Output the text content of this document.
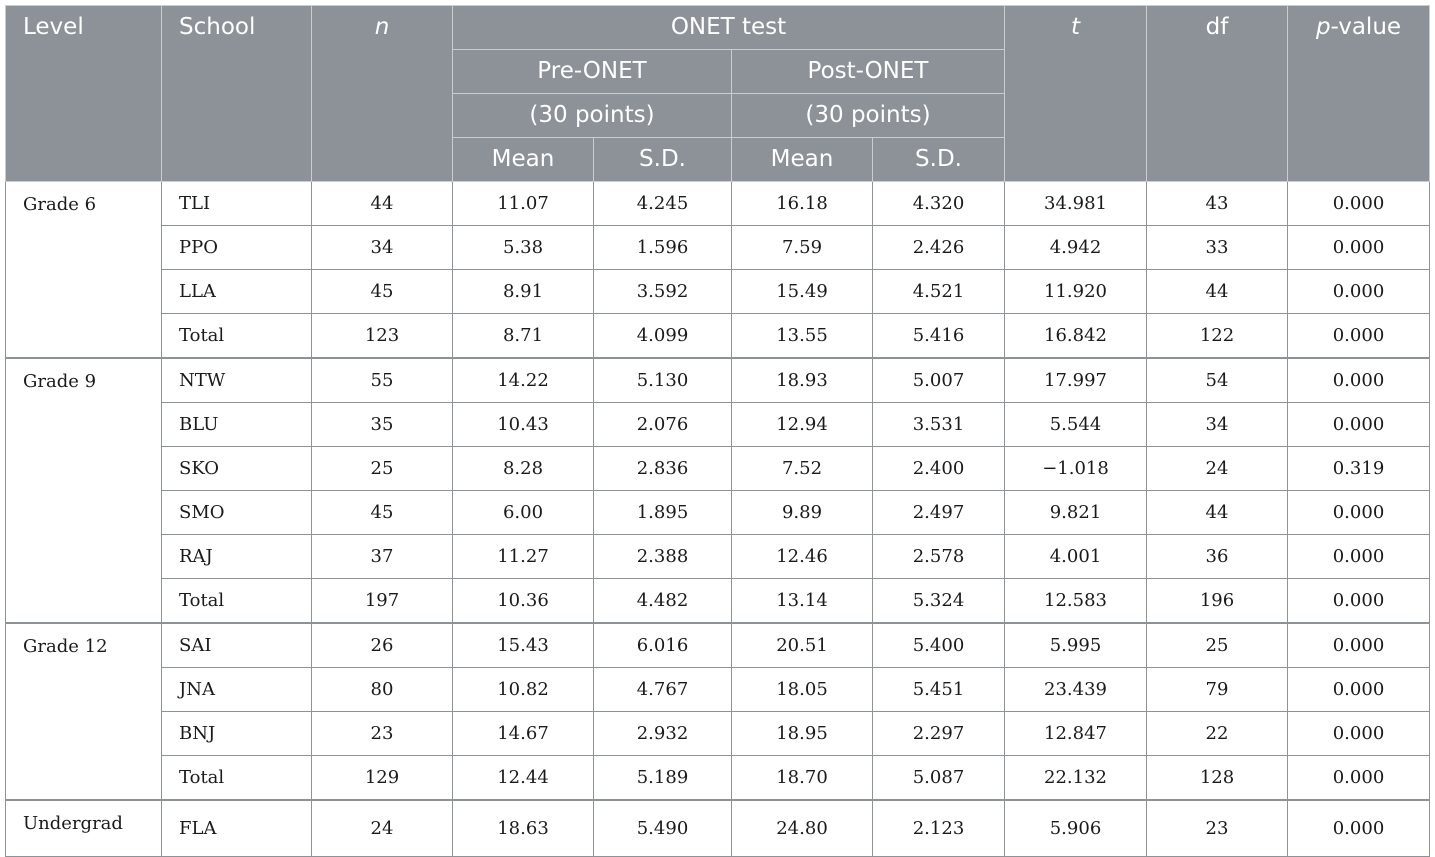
Level	School	n	ONET test				t	df	p-value
			Pre-ONET		Post-ONET				
			(30 points)		(30 points)				
			Mean	S.D.	Mean	S.D.			
Grade 6	TLI	44	11.07	4.245	16.18	4.320	34.981	43	0.000
	PPO	34	5.38	1.596	7.59	2.426	4.942	33	0.000
	LLA	45	8.91	3.592	15.49	4.521	11.920	44	0.000
	Total	123	8.71	4.099	13.55	5.416	16.842	122	0.000
Grade 9	NTW	55	14.22	5.130	18.93	5.007	17.997	54	0.000
	BLU	35	10.43	2.076	12.94	3.531	5.544	34	0.000
	SKO	25	8.28	2.836	7.52	2.400	−1.018	24	0.319
	SMO	45	6.00	1.895	9.89	2.497	9.821	44	0.000
	RAJ	37	11.27	2.388	12.46	2.578	4.001	36	0.000
	Total	197	10.36	4.482	13.14	5.324	12.583	196	0.000
Grade 12	SAI	26	15.43	6.016	20.51	5.400	5.995	25	0.000
	JNA	80	10.82	4.767	18.05	5.451	23.439	79	0.000
	BNJ	23	14.67	2.932	18.95	2.297	12.847	22	0.000
	Total	129	12.44	5.189	18.70	5.087	22.132	128	0.000
Undergrad	FLA	24	18.63	5.490	24.80	2.123	5.906	23	0.000
